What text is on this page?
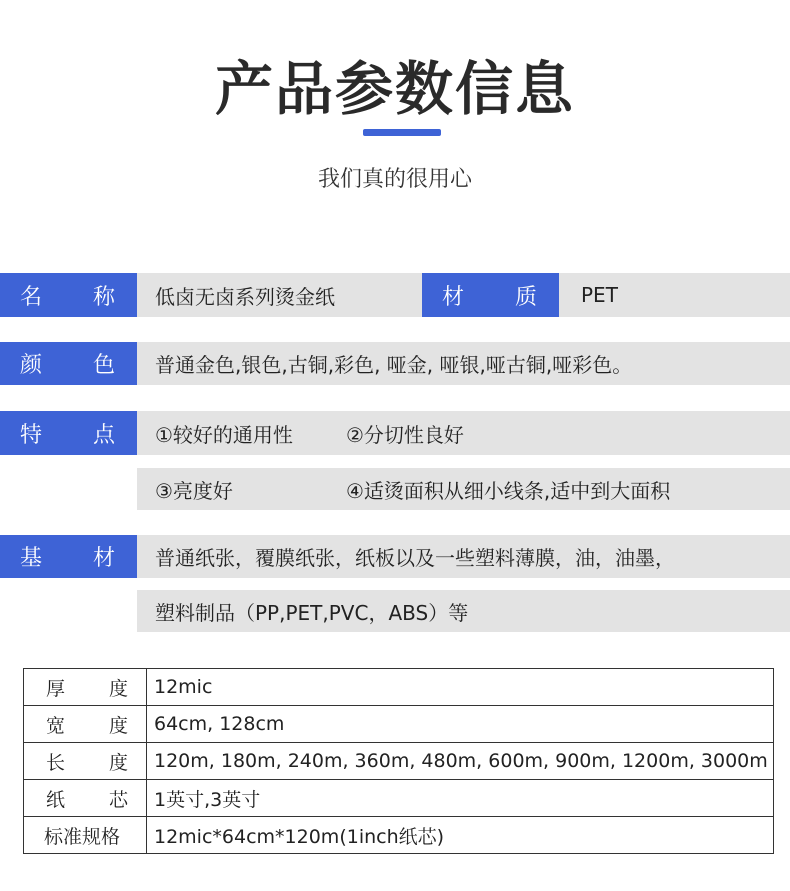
产品参数信息
我们真的很用心
名 称	低卤无卤系列烫金纸	材 质	PET
颜 色	普通金色,银色,古铜,彩色, 哑金, 哑银,哑古铜,哑彩色。
特 点 ①较好的通用性	②分切性良好
③亮度好	④适烫面积从细小线条,适中到大面积
基 材	普通纸张，覆膜纸张，纸板以及一些塑料薄膜，油，油墨，
塑料制品（PP,PET,PVC，ABS）等
厚 度	12mic

宽 度	64cm, 128cm

长 度	120m, 180m, 240m, 360m, 480m, 600m, 900m, 1200m, 3000m

纸 芯	1英寸,3英寸

标准规格	12mic*64cm*120m(1inch纸芯)
